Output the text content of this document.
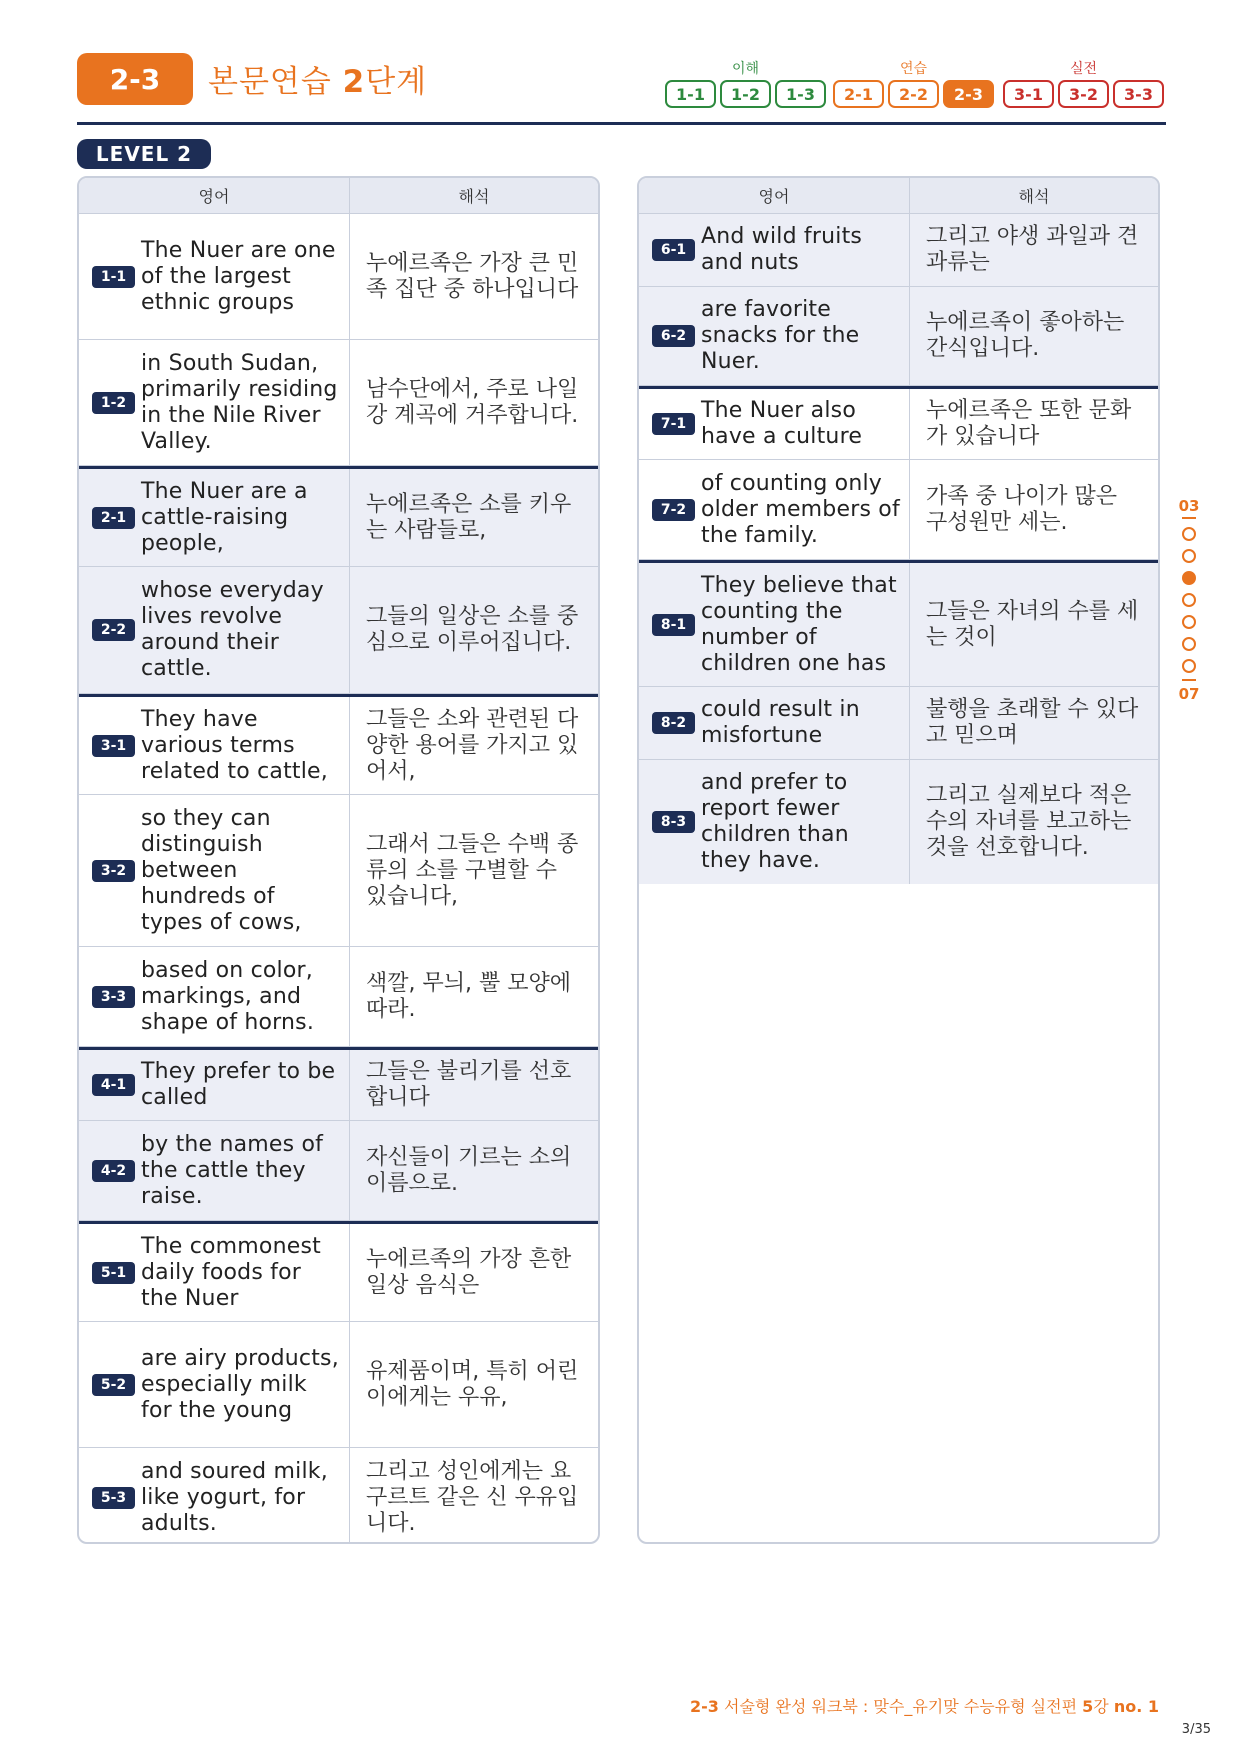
2-3	본문연습 2단계	이해
1-1	1-2	1-3
연습
2-1	2-2	2-3
실전
3-1	3-2	3-3
LEVEL 2
영어	해석
1-1
The Nuer are one of the largest ethnic groups
누에르족은 가장 큰 민족 집단 중 하나입니다
1-2
in South Sudan, primarily residing in the Nile River Valley.
남수단에서, 주로 나일 강 계곡에 거주합니다.
2-1
The Nuer are a cattle-raising people,
누에르족은 소를 키우는 사람들로,
2-2
whose everyday lives revolve around their cattle.
그들의 일상은 소를 중심으로 이루어집니다.
3-1
They have various terms related to cattle,
그들은 소와 관련된 다양한 용어를 가지고 있어서,
3-2
so they can distinguish between hundreds of types of cows,
그래서 그들은 수백 종류의 소를 구별할 수 있습니다,
3-3
based on color, markings, and shape of horns.
색깔, 무늬, 뿔 모양에 따라.
4-1
They prefer to be called
그들은 불리기를 선호합니다
4-2
by the names of the cattle they raise.
자신들이 기르는 소의 이름으로.
5-1
The commonest daily foods for the Nuer
누에르족의 가장 흔한 일상 음식은
5-2
are airy products, especially milk for the young
유제품이며, 특히 어린이에게는 우유,
5-3
and soured milk, like yogurt, for adults.
그리고 성인에게는 요구르트 같은 신 우유입니다.
영어	해석
6-1
And wild fruits and nuts
그리고 야생 과일과 견과류는
6-2
are favorite snacks for the Nuer.
누에르족이 좋아하는 간식입니다.
7-1
The Nuer also have a culture
누에르족은 또한 문화가 있습니다
7-2
of counting only older members of the family.
가족 중 나이가 많은 구성원만 세는.
8-1
They believe that counting the number of children one has
그들은 자녀의 수를 세는 것이
8-2
could result in misfortune
불행을 초래할 수 있다고 믿으며
8-3
and prefer to report fewer children than they have.
그리고 실제보다 적은 수의 자녀를 보고하는 것을 선호합니다.
03
07
2-3 서술형 완성 워크북 : 맞수_유기맞 수능유형 실전편 5강 no. 1
3/35
